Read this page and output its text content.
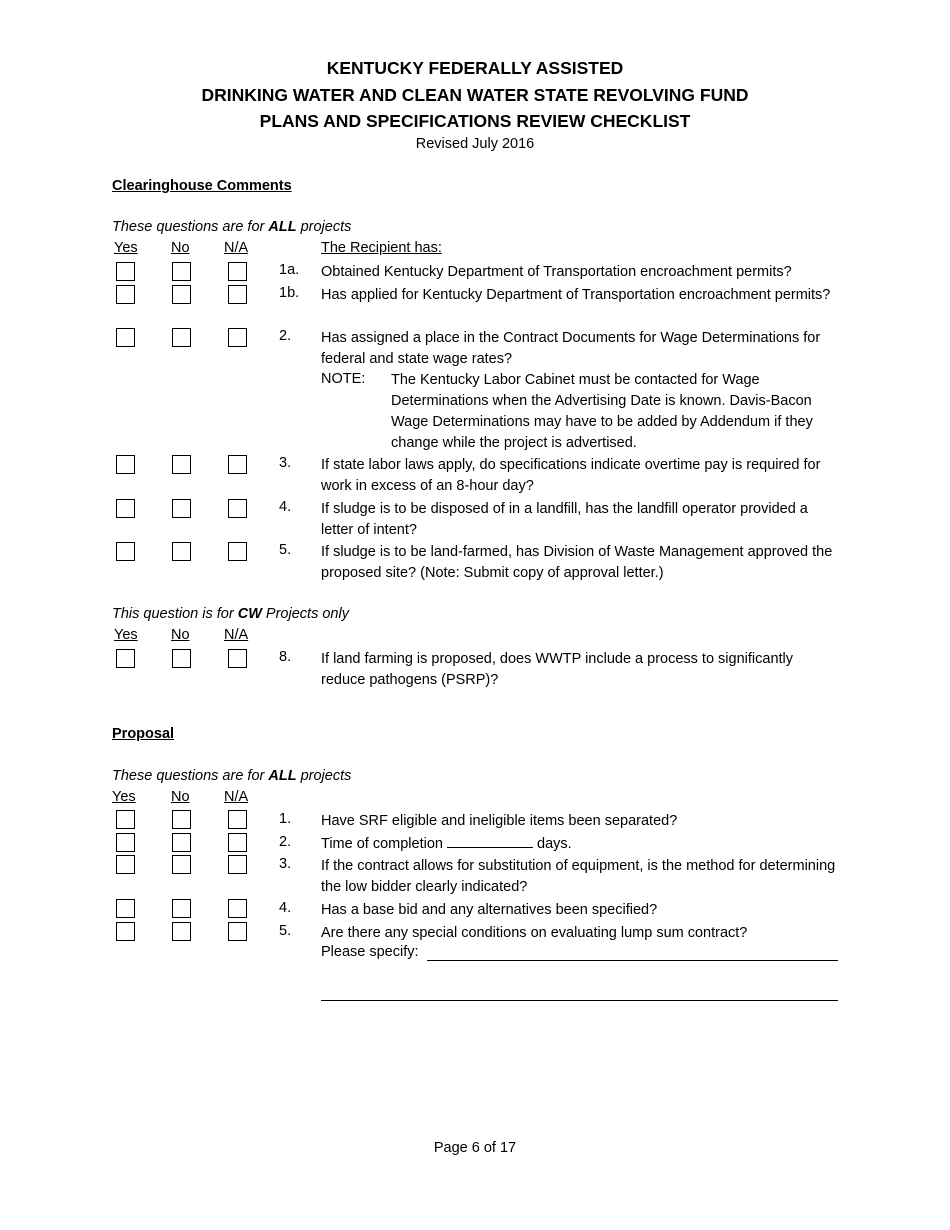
KENTUCKY FEDERALLY ASSISTED
DRINKING WATER AND CLEAN WATER STATE REVOLVING FUND
PLANS AND SPECIFICATIONS REVIEW CHECKLIST
Revised July 2016
Clearinghouse Comments
These questions are for ALL projects
Yes No N/A	The Recipient has:
1a. Obtained Kentucky Department of Transportation encroachment permits?
1b. Has applied for Kentucky Department of Transportation encroachment permits?
2. Has assigned a place in the Contract Documents for Wage Determinations for federal and state wage rates?
NOTE: The Kentucky Labor Cabinet must be contacted for Wage Determinations when the Advertising Date is known. Davis-Bacon Wage Determinations may have to be added by Addendum if they change while the project is advertised.
3. If state labor laws apply, do specifications indicate overtime pay is required for work in excess of an 8-hour day?
4. If sludge is to be disposed of in a landfill, has the landfill operator provided a letter of intent?
5. If sludge is to be land-farmed, has Division of Waste Management approved the proposed site? (Note: Submit copy of approval letter.)
This question is for CW Projects only
Yes No N/A
8. If land farming is proposed, does WWTP include a process to significantly reduce pathogens (PSRP)?
Proposal
These questions are for ALL projects
Yes No N/A
1. Have SRF eligible and ineligible items been separated?
2. Time of completion	days.
3. If the contract allows for substitution of equipment, is the method for determining the low bidder clearly indicated?
4. Has a base bid and any alternatives been specified?
5. Are there any special conditions on evaluating lump sum contract?
Please specify:
Page 6 of 17
